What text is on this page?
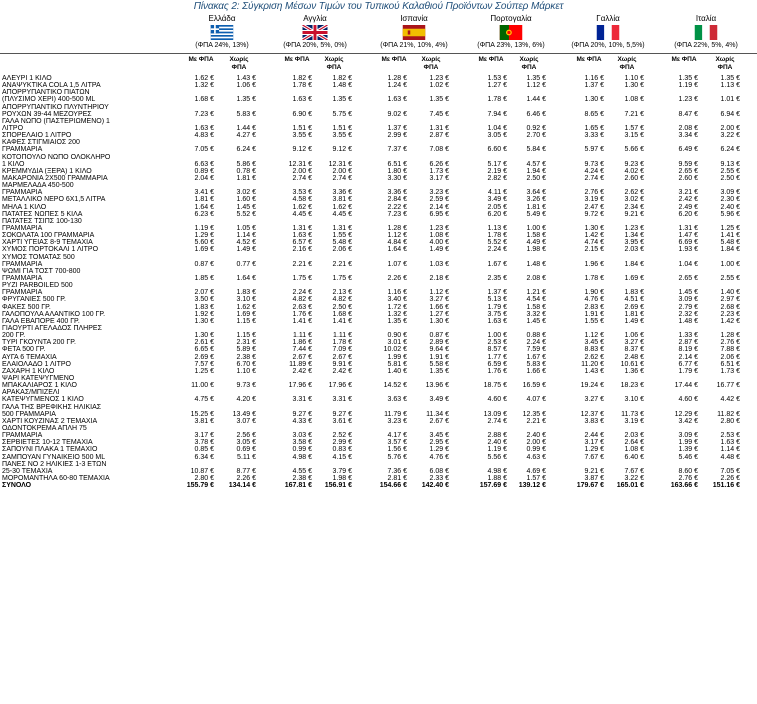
Πίνακας 2: Σύγκριση Μέσων Τιμών του Τυπικού Καλαθιού Προϊόντων Σούπερ Μάρκετ
Ελλάδα	Αγγλία	Ισπανία	Πορτογαλία	Γαλλία	Ιταλία
(ΦΠΑ 24%, 13%)	(ΦΠΑ 20%, 5%, 0%)	(ΦΠΑ 21%, 10%, 4%)	(ΦΠΑ 23%, 13%, 6%)	(ΦΠΑ 20%, 10%, 5,5%)	(ΦΠΑ 22%, 5%, 4%)
Με ΦΠΑ	Χωρίς
ΦΠΑ
Με ΦΠΑ	Χωρίς
ΦΠΑ
Με ΦΠΑ	Χωρίς
ΦΠΑ
Με ΦΠΑ	Χωρίς
ΦΠΑ
Με ΦΠΑ	Χωρίς
ΦΠΑ
Με ΦΠΑ	Χωρίς
ΦΠΑ
ΑΛΕΥΡΙ 1 ΚΙΛΟ	1.62 €	1.43 €	1.82 €	1.82 €	1.28 €	1.23 €	1.53 €	1.35 €	1.16 €	1.10 €	1.35 €	1.35 €
ΑΝΑΨΥΚΤΙΚΑ COLA 1,5 ΛΙΤΡΑ	1.32 €	1.06 €	1.78 €	1.48 €	1.24 €	1.02 €	1.27 €	1.12 €	1.37 €	1.30 €	1.19 €	1.13 €
ΑΠΟΡΡΥΠΑΝΤΙΚΟ ΠΙΑΤΩΝ												
(ΠΛΥΣΙΜΟ ΧΕΡΙ) 400-500 ML	1.68 €	1.35 €	1.63 €	1.35 €	1.63 €	1.35 €	1.78 €	1.44 €	1.30 €	1.08 €	1.23 €	1.01 €
ΑΠΟΡΡΥΠΑΝΤΙΚΟ ΠΛΥΝΤΗΡΙΟΥ												
ΡΟΥΧΩΝ 39-44 ΜΕΖΟΥΡΕΣ	7.23 €	5.83 €	6.90 €	5.75 €	9.02 €	7.45 €	7.94 €	6.46 €	8.65 €	7.21 €	8.47 €	6.94 €
ΓΑΛΑ ΝΩΠΟ (ΠΑΣΤΕΡΙΩΜΕΝΟ) 1												
ΛΙΤΡΟ	1.63 €	1.44 €	1.51 €	1.51 €	1.37 €	1.31 €	1.04 €	0.92 €	1.65 €	1.57 €	2.08 €	2.00 €
ΣΠΟΡΕΛΑΙΟ 1 ΛΙΤΡΟ	4.83 €	4.27 €	3.55 €	3.55 €	2.99 €	2.87 €	3.05 €	2.70 €	3.33 €	3.15 €	3.34 €	3.22 €
ΚΑΦΕΣ ΣΤΙΓΜΙΑΙΟΣ 200												
ΓΡΑΜΜΑΡΙΑ	7.05 €	6.24 €	9.12 €	9.12 €	7.37 €	7.08 €	6.60 €	5.84 €	5.97 €	5.66 €	6.49 €	6.24 €
ΚΟΤΟΠΟΥΛΟ ΝΩΠΟ ΟΛΟΚΛΗΡΟ												
1 ΚΙΛΟ	6.63 €	5.86 €	12.31 €	12.31 €	6.51 €	6.26 €	5.17 €	4.57 €	9.73 €	9.23 €	9.59 €	9.13 €
ΚΡΕΜΜΥΔΙΑ (ΞΕΡΑ) 1 ΚΙΛΟ	0.89 €	0.78 €	2.00 €	2.00 €	1.80 €	1.73 €	2.19 €	1.94 €	4.24 €	4.02 €	2.65 €	2.55 €
ΜΑΚΑΡΟΝΙΑ 2Χ500 ΓΡΑΜΜΑΡΙΑ	2.04 €	1.81 €	2.74 €	2.74 €	3.30 €	3.17 €	2.82 €	2.50 €	2.74 €	2.60 €	2.60 €	2.50 €
ΜΑΡΜΕΛΑΔΑ 450-500												
ΓΡΑΜΜΑΡΙΑ	3.41 €	3.02 €	3.53 €	3.36 €	3.36 €	3.23 €	4.11 €	3.64 €	2.76 €	2.62 €	3.21 €	3.09 €
ΜΕΤΑΛΛΙΚΟ ΝΕΡΟ 6Χ1,5 ΛΙΤΡΑ	1.81 €	1.60 €	4.58 €	3.81 €	2.84 €	2.59 €	3.49 €	3.26 €	3.19 €	3.02 €	2.42 €	2.30 €
ΜΗΛΑ 1 ΚΙΛΟ	1.64 €	1.45 €	1.62 €	1.62 €	2.22 €	2.14 €	2.05 €	1.81 €	2.47 €	2.34 €	2.49 €	2.40 €
ΠΑΤΑΤΕΣ ΝΩΠΕΣ 5 ΚΙΛΑ	6.23 €	5.52 €	4.45 €	4.45 €	7.23 €	6.95 €	6.20 €	5.49 €	9.72 €	9.21 €	6.20 €	5.96 €
ΠΑΤΑΤΕΣ ΤΣΙΠΣ 100-130												
ΓΡΑΜΜΑΡΙΑ	1.19 €	1.05 €	1.31 €	1.31 €	1.28 €	1.23 €	1.13 €	1.00 €	1.30 €	1.23 €	1.31 €	1.25 €
ΣΟΚΟΛΑΤΑ 100 ΓΡΑΜΜΑΡΙΑ	1.29 €	1.14 €	1.63 €	1.55 €	1.12 €	1.08 €	1.78 €	1.58 €	1.42 €	1.34 €	1.47 €	1.41 €
ΧΑΡΤΙ ΥΓΕΙΑΣ 8-9 ΤΕΜΑΧΙΑ	5.60 €	4.52 €	6.57 €	5.48 €	4.84 €	4.00 €	5.52 €	4.49 €	4.74 €	3.95 €	6.69 €	5.48 €
ΧΥΜΟΣ ΠΟΡΤΟΚΑΛΙ 1 ΛΙΤΡΟ	1.69 €	1.49 €	2.16 €	2.06 €	1.64 €	1.49 €	2.24 €	1.98 €	2.15 €	2.03 €	1.93 €	1.84 €
ΧΥΜΟΣ ΤΟΜΑΤΑΣ 500												
ΓΡΑΜΜΑΡΙΑ	0.87 €	0.77 €	2.21 €	2.21 €	1.07 €	1.03 €	1.67 €	1.48 €	1.96 €	1.84 €	1.04 €	1.00 €
ΨΩΜΙ ΓΙΑ ΤΟΣΤ 700-800												
ΓΡΑΜΜΑΡΙΑ	1.85 €	1.64 €	1.75 €	1.75 €	2.26 €	2.18 €	2.35 €	2.08 €	1.78 €	1.69 €	2.65 €	2.55 €
ΡΥΖΙ PARBOILED 500												
ΓΡΑΜΜΑΡΙΑ	2.07 €	1.83 €	2.24 €	2.13 €	1.16 €	1.12 €	1.37 €	1.21 €	1.90 €	1.83 €	1.45 €	1.40 €
ΦΡΥΓΑΝΙΕΣ 500 ΓΡ.	3.50 €	3.10 €	4.82 €	4.82 €	3.40 €	3.27 €	5.13 €	4.54 €	4.76 €	4.51 €	3.09 €	2.97 €
ΦΑΚΕΣ 500 ΓΡ.	1.83 €	1.62 €	2.63 €	2.50 €	1.72 €	1.66 €	1.79 €	1.58 €	2.83 €	2.69 €	2.79 €	2.68 €
ΓΑΛΟΠΟΥΛΑ ΑΛΑΝΤΙΚΟ 100 ΓΡ.	1.92 €	1.69 €	1.76 €	1.68 €	1.32 €	1.27 €	3.75 €	3.32 €	1.91 €	1.81 €	2.32 €	2.23 €
ΓΑΛΑ ΕΒΑΠΟΡΕ 400 ΓΡ.	1.30 €	1.15 €	1.41 €	1.41 €	1.35 €	1.30 €	1.63 €	1.45 €	1.55 €	1.49 €	1.48 €	1.42 €
ΓΙΑΟΥΡΤΙ ΑΓΕΛΑΔΟΣ ΠΛΗΡΕΣ												
200 ΓΡ.	1.30 €	1.15 €	1.11 €	1.11 €	0.90 €	0.87 €	1.00 €	0.88 €	1.12 €	1.06 €	1.33 €	1.28 €
ΤΥΡΙ ΓΚΟΥΝΤΑ 200 ΓΡ.	2.61 €	2.31 €	1.86 €	1.78 €	3.01 €	2.89 €	2.53 €	2.24 €	3.45 €	3.27 €	2.87 €	2.76 €
ΦΕΤΑ 500 ΓΡ.	6.65 €	5.89 €	7.44 €	7.09 €	10.02 €	9.64 €	8.57 €	7.59 €	8.83 €	8.37 €	8.19 €	7.88 €
ΑΥΓΑ 6 ΤΕΜΑΧΙΑ	2.69 €	2.38 €	2.67 €	2.67 €	1.99 €	1.91 €	1.77 €	1.67 €	2.62 €	2.48 €	2.14 €	2.06 €
ΕΛΑΙΟΛΑΔΟ 1 ΛΙΤΡΟ	7.57 €	6.70 €	11.89 €	9.91 €	5.81 €	5.58 €	6.59 €	5.83 €	11.20 €	10.61 €	6.77 €	6.51 €
ΖΑΧΑΡΗ 1 ΚΙΛΟ	1.25 €	1.10 €	2.42 €	2.42 €	1.40 €	1.35 €	1.76 €	1.66 €	1.43 €	1.36 €	1.79 €	1.73 €
ΨΑΡΙ ΚΑΤΕΨΥΓΜΕΝΟ												
ΜΠΑΚΑΛΙΑΡΟΣ 1 ΚΙΛΟ	11.00 €	9.73 €	17.96 €	17.96 €	14.52 €	13.96 €	18.75 €	16.59 €	19.24 €	18.23 €	17.44 €	16.77 €
ΑΡΑΚΑΣ/ΜΠΙΖΕΛΙ												
ΚΑΤΕΨΥΓΜΕΝΟΣ 1 ΚΙΛΟ	4.75 €	4.20 €	3.31 €	3.31 €	3.63 €	3.49 €	4.60 €	4.07 €	3.27 €	3.10 €	4.60 €	4.42 €
ΓΑΛΑ ΤΗΣ ΒΡΕΦΙΚΗΣ ΗΛΙΚΙΑΣ												
500 ΓΡΑΜΜΑΡΙΑ	15.25 €	13.49 €	9.27 €	9.27 €	11.79 €	11.34 €	13.09 €	12.35 €	12.37 €	11.73 €	12.29 €	11.82 €
ΧΑΡΤΙ ΚΟΥΖΙΝΑΣ 2 ΤΕΜΑΧΙΑ	3.81 €	3.07 €	4.33 €	3.61 €	3.23 €	2.67 €	2.74 €	2.21 €	3.83 €	3.19 €	3.42 €	2.80 €
ΟΔΟΝΤΟΚΡΕΜΑ ΑΠΛΗ 75												
ΓΡΑΜΜΑΡΙΑ	3.17 €	2.56 €	3.03 €	2.52 €	4.17 €	3.45 €	2.88 €	2.40 €	2.44 €	2.03 €	3.09 €	2.53 €
ΣΕΡΒΙΕΤΕΣ 10-12 ΤΕΜΑΧΙΑ	3.78 €	3.05 €	3.58 €	2.99 €	3.57 €	2.95 €	2.40 €	2.00 €	3.17 €	2.64 €	1.99 €	1.63 €
ΣΑΠΟΥΝΙ ΠΛΑΚΑ 1 ΤΕΜΑΧΙΟ	0.85 €	0.69 €	0.99 €	0.83 €	1.56 €	1.29 €	1.19 €	0.99 €	1.29 €	1.08 €	1.39 €	1.14 €
ΣΑΜΠΟΥΑΝ ΓΥΝΑΙΚΕΙΟ 500 ML	6.34 €	5.11 €	4.98 €	4.15 €	5.76 €	4.76 €	5.56 €	4.63 €	7.67 €	6.40 €	5.46 €	4.48 €
ΠΑΝΕΣ ΝΟ 2 ΗΛΙΚΙΕΣ 1-3 ΕΤΩΝ												
25-30 ΤΕΜΑΧΙΑ	10.87 €	8.77 €	4.55 €	3.79 €	7.36 €	6.08 €	4.98 €	4.69 €	9.21 €	7.67 €	8.60 €	7.05 €
ΜΟΡΟΜΑΝΤΗΛΑ 60-80 ΤΕΜΑΧΙΑ	2.80 €	2.26 €	2.38 €	1.98 €	2.81 €	2.33 €	1.88 €	1.57 €	3.87 €	3.22 €	2.76 €	2.26 €
ΣΥΝΟΛΟ	155.79 €	134.14 €	167.81 €	156.91 €	154.66 €	142.40 €	157.69 €	139.12 €	179.67 €	165.01 €	163.66 €	151.16 €
